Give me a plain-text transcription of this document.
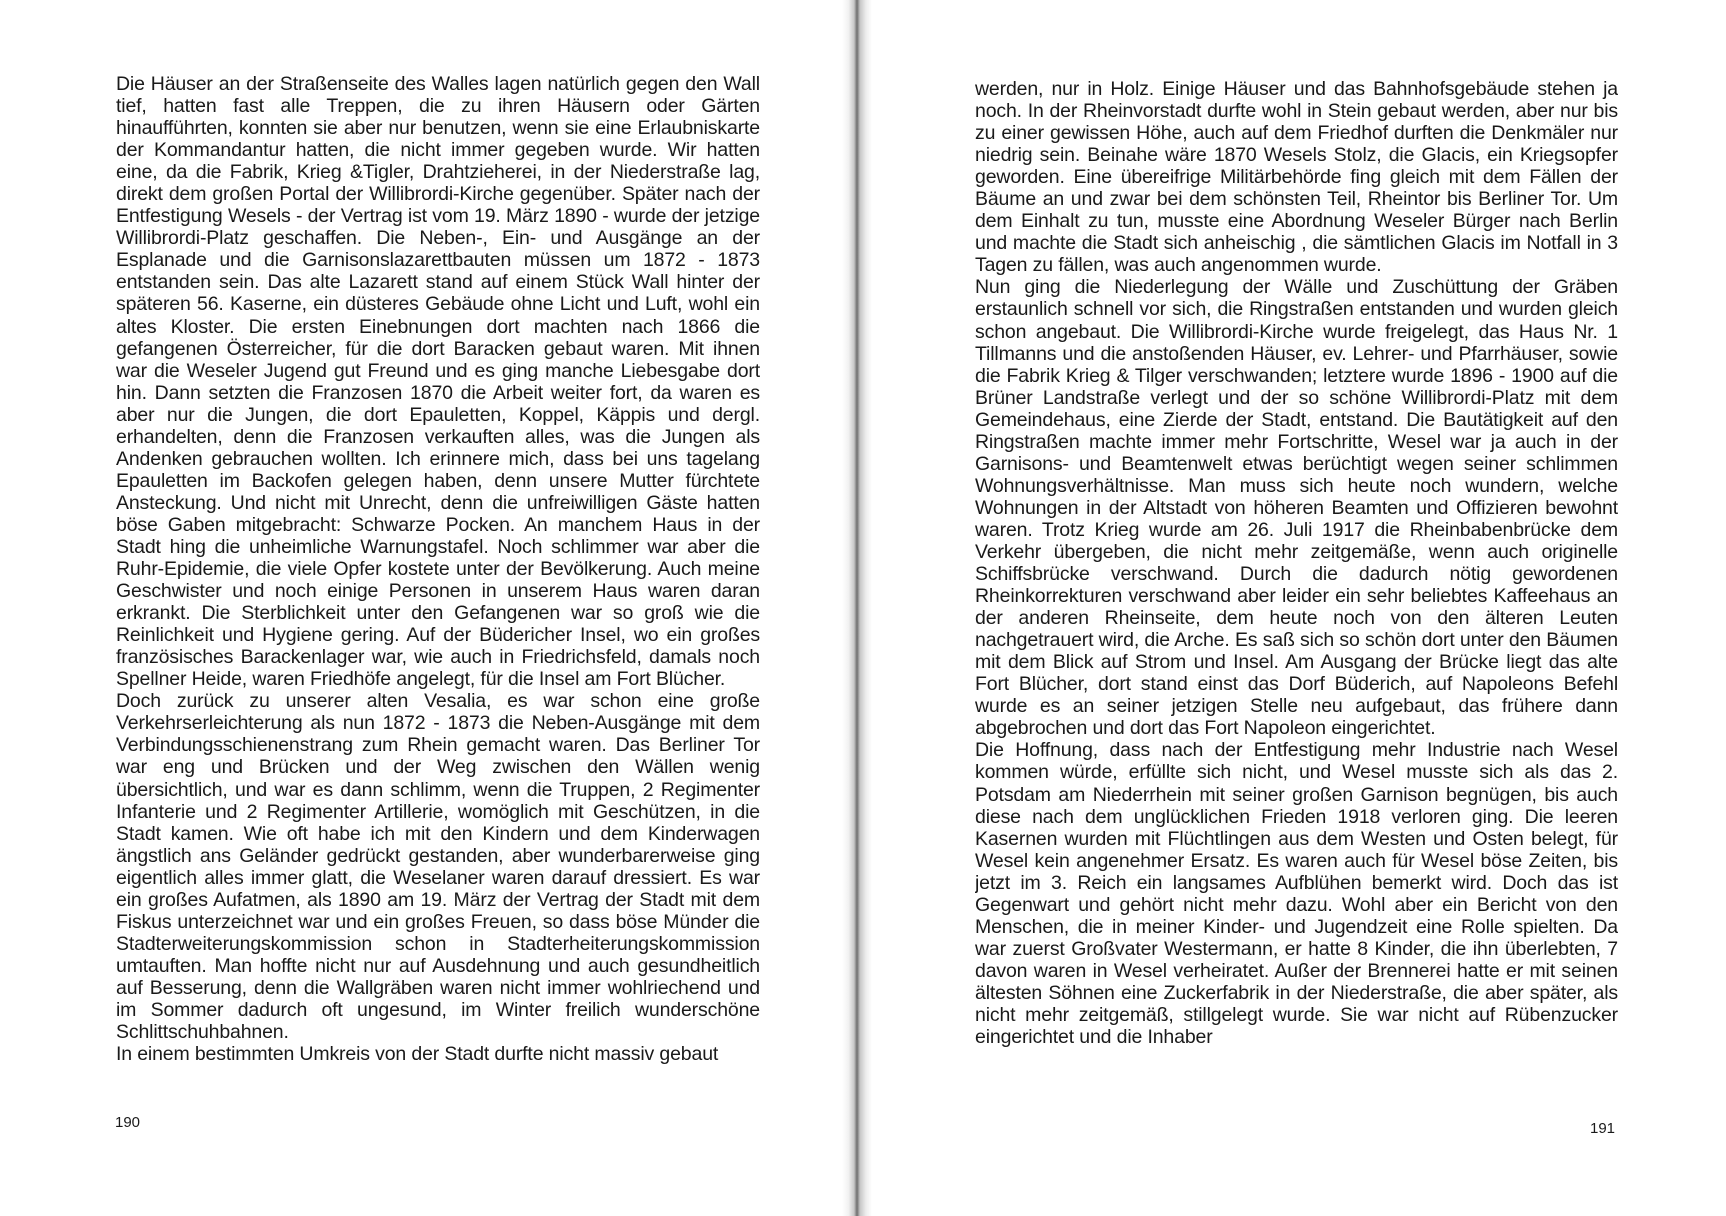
Die Häuser an der Straßenseite des Walles lagen natürlich gegen den Wall tief, hatten fast alle Treppen, die zu ihren Häusern oder Gärten hinaufführten, konnten sie aber nur benutzen, wenn sie eine Erlaubniskarte der Kommandantur hatten, die nicht immer gegeben wurde. Wir hatten eine, da die Fabrik, Krieg &Tigler, Drahtzieherei, in der Niederstraße lag, direkt dem großen Portal der Willibrordi-Kirche gegenüber. Später nach der Entfestigung Wesels - der Vertrag ist vom 19. März 1890 - wurde der jetzige Willibrordi-Platz geschaffen. Die Neben-, Ein- und Ausgänge an der Esplanade und die Garnisonslazarettbauten müssen um 1872 - 1873 entstanden sein. Das alte Lazarett stand auf einem Stück Wall hinter der späteren 56. Kaserne, ein düsteres Gebäude ohne Licht und Luft, wohl ein altes Kloster. Die ersten Einebnungen dort machten nach 1866 die gefangenen Österreicher, für die dort Baracken gebaut waren. Mit ihnen war die Weseler Jugend gut Freund und es ging manche Liebesgabe dort hin. Dann setzten die Franzosen 1870 die Arbeit weiter fort, da waren es aber nur die Jungen, die dort Epauletten, Koppel, Käppis und dergl. erhandelten, denn die Franzosen verkauften alles, was die Jungen als Andenken gebrauchen wollten. Ich erinnere mich, dass bei uns tagelang Epauletten im Backofen gelegen haben, denn unsere Mutter fürchtete Ansteckung. Und nicht mit Unrecht, denn die unfreiwilligen Gäste hatten böse Gaben mitgebracht: Schwarze Pocken. An manchem Haus in der Stadt hing die unheimliche Warnungstafel. Noch schlimmer war aber die Ruhr-Epidemie, die viele Opfer kostete unter der Bevölkerung. Auch meine Geschwister und noch einige Personen in unserem Haus waren daran erkrankt. Die Sterblichkeit unter den Gefangenen war so groß wie die Reinlichkeit und Hygiene gering. Auf der Büdericher Insel, wo ein großes französisches Barackenlager war, wie auch in Friedrichsfeld, damals noch Spellner Heide, waren Friedhöfe angelegt, für die Insel am Fort Blücher.

Doch zurück zu unserer alten Vesalia, es war schon eine große Verkehrserleichterung als nun 1872 - 1873 die Neben-Ausgänge mit dem Verbindungsschienenstrang zum Rhein gemacht waren. Das Berliner Tor war eng und Brücken und der Weg zwischen den Wällen wenig übersichtlich, und war es dann schlimm, wenn die Truppen, 2 Regimenter Infanterie und 2 Regimenter Artillerie, womöglich mit Geschützen, in die Stadt kamen. Wie oft habe ich mit den Kindern und dem Kinderwagen ängstlich ans Geländer gedrückt gestanden, aber wunderbarerweise ging eigentlich alles immer glatt, die Weselaner waren darauf dressiert. Es war ein großes Aufatmen, als 1890 am 19. März der Vertrag der Stadt mit dem Fiskus unterzeichnet war und ein großes Freuen, so dass böse Münder die Stadterweiterungskommission schon in Stadterheiterungskommission umtauften. Man hoffte nicht nur auf Ausdehnung und auch gesundheitlich auf Besserung, denn die Wallgräben waren nicht immer wohlriechend und im Sommer dadurch oft ungesund, im Winter freilich wunderschöne Schlittschuhbahnen.

In einem bestimmten Umkreis von der Stadt durfte nicht massiv gebaut

190

werden, nur in Holz. Einige Häuser und das Bahnhofsgebäude stehen ja noch. In der Rheinvorstadt durfte wohl in Stein gebaut werden, aber nur bis zu einer gewissen Höhe, auch auf dem Friedhof durften die Denkmäler nur niedrig sein. Beinahe wäre 1870 Wesels Stolz, die Glacis, ein Kriegsopfer geworden. Eine übereifrige Militärbehörde fing gleich mit dem Fällen der Bäume an und zwar bei dem schönsten Teil, Rheintor bis Berliner Tor. Um dem Einhalt zu tun, musste eine Abordnung Weseler Bürger nach Berlin und machte die Stadt sich anheischig , die sämtlichen Glacis im Notfall in 3 Tagen zu fällen, was auch angenommen wurde.

Nun ging die Niederlegung der Wälle und Zuschüttung der Gräben erstaunlich schnell vor sich, die Ringstraßen entstanden und wurden gleich schon angebaut. Die Willibrordi-Kirche wurde freigelegt, das Haus Nr. 1 Tillmanns und die anstoßenden Häuser, ev. Lehrer- und Pfarrhäuser, sowie die Fabrik Krieg & Tilger verschwanden; letztere wurde 1896 - 1900 auf die Brüner Landstraße verlegt und der so schöne Willibrordi-Platz mit dem Gemeindehaus, eine Zierde der Stadt, entstand. Die Bautätigkeit auf den Ringstraßen machte immer mehr Fortschritte, Wesel war ja auch in der Garnisons- und Beamtenwelt etwas berüchtigt wegen seiner schlimmen Wohnungsverhältnisse. Man muss sich heute noch wundern, welche Wohnungen in der Altstadt von höheren Beamten und Offizieren bewohnt waren. Trotz Krieg wurde am 26. Juli 1917 die Rheinbabenbrücke dem Verkehr übergeben, die nicht mehr zeitgemäße, wenn auch originelle Schiffsbrücke verschwand. Durch die dadurch nötig gewordenen Rheinkorrekturen verschwand aber leider ein sehr beliebtes Kaffeehaus an der anderen Rheinseite, dem heute noch von den älteren Leuten nachgetrauert wird, die Arche. Es saß sich so schön dort unter den Bäumen mit dem Blick auf Strom und Insel. Am Ausgang der Brücke liegt das alte Fort Blücher, dort stand einst das Dorf Büderich, auf Napoleons Befehl wurde es an seiner jetzigen Stelle neu aufgebaut, das frühere dann abgebrochen und dort das Fort Napoleon eingerichtet.

Die Hoffnung, dass nach der Entfestigung mehr Industrie nach Wesel kommen würde, erfüllte sich nicht, und Wesel musste sich als das 2. Potsdam am Niederrhein mit seiner großen Garnison begnügen, bis auch diese nach dem unglücklichen Frieden 1918 verloren ging. Die leeren Kasernen wurden mit Flüchtlingen aus dem Westen und Osten belegt, für Wesel kein angenehmer Ersatz. Es waren auch für Wesel böse Zeiten, bis jetzt im 3. Reich ein langsames Aufblühen bemerkt wird. Doch das ist Gegenwart und gehört nicht mehr dazu. Wohl aber ein Bericht von den Menschen, die in meiner Kinder- und Jugendzeit eine Rolle spielten. Da war zuerst Großvater Westermann, er hatte 8 Kinder, die ihn überlebten, 7 davon waren in Wesel verheiratet. Außer der Brennerei hatte er mit seinen ältesten Söhnen eine Zuckerfabrik in der Niederstraße, die aber später, als nicht mehr zeitgemäß, stillgelegt wurde. Sie war nicht auf Rübenzucker eingerichtet und die Inhaber

191
